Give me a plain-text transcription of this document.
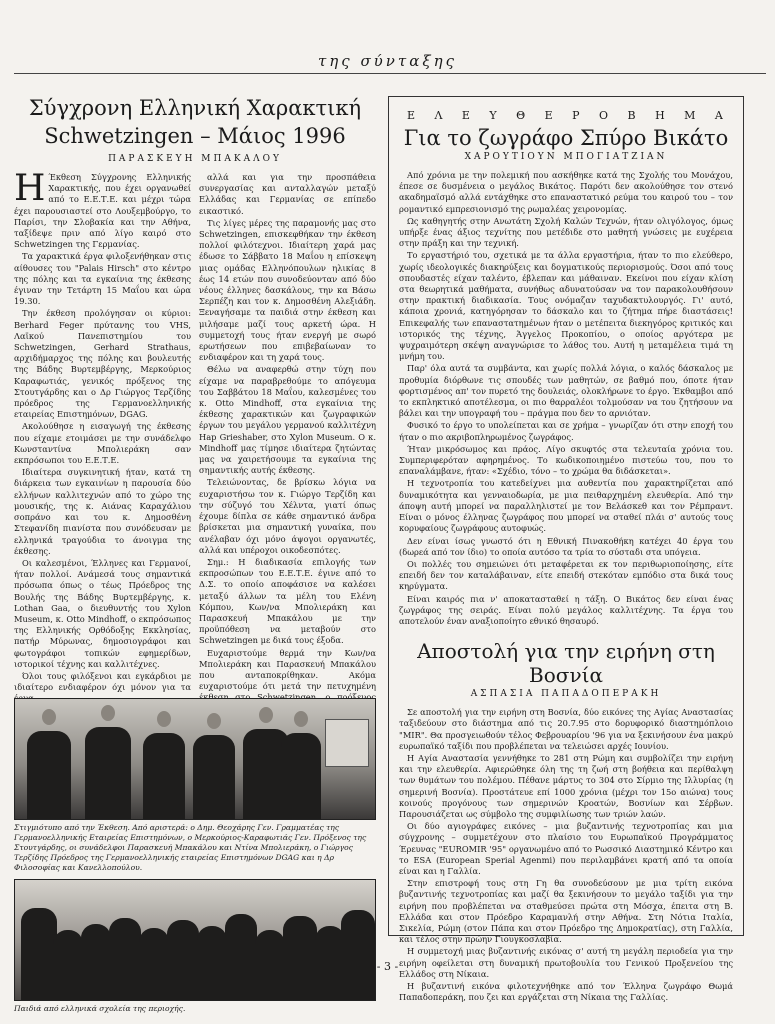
της σύνταξης
Σύγχρονη Ελληνική Χαρακτική
Schwetzingen – Μάιος 1996
ΠΑΡΑΣΚΕΥΗ ΜΠΑΚΑΛΟΥ

Η Έκθεση Σύγχρονης Ελληνικής Χαρακτικής, που έχει οργανωθεί από το Ε.Ε.Τ.Ε. και μέχρι τώρα έχει παρουσιαστεί στο Λουξεμβούργο, το Παρίσι, την Σλοβακία και την Αθήνα, ταξίδεψε πριν από λίγο καιρό στο Schwetzingen της Γερμανίας.

Τα χαρακτικά έργα φιλοξενήθηκαν στις αίθουσες του "Palais Hirsch" στο κέντρο της πόλης και τα εγκαίνια της έκθεσης έγιναν την Τετάρτη 15 Μαΐου και ώρα 19.30.

Την έκθεση προλόγησαν οι κύριοι: Berhard Feger πρύτανης του VHS, Λαϊκού Πανεπιστημίου του Schwetzingen, Gerhard Strathaus, αρχιδήμαρχος της πόλης και βουλευτής της Βάδης Βυρτεμβέργης, Μερκούριος Καραφωτιάς, γενικός πρόξενος της Στουτγάρδης και ο Δρ Γιώργος Τερζίδης πρόεδρος της Γερμανοελληνικής εταιρείας Επιστημόνων, DGAG.

Ακολούθησε η εισαγωγή της έκθεσης που είχαμε ετοιμάσει με την συνάδελφο Κωνσταντίνα Μπολιεράκη σαν εκπρόσωποι του Ε.Ε.Τ.Ε.

Ιδιαίτερα συγκινητική ήταν, κατά τη διάρκεια των εγκαινίων η παρουσία δύο ελλήνων καλλιτεχνών από το χώρο της μουσικής, της κ. Αιάνας Καραχάλιου σοπράνο και του κ. Δημοσθένη Στεφανίδη πιανίστα που συνόδευσαν με ελληνικά τραγούδια το άνοιγμα της έκθεσης.

Οι καλεσμένοι, Έλληνες και Γερμανοί, ήταν πολλοί. Ανάμεσά τους σημαντικά πρόσωπα όπως ο τέως Πρόεδρος της Βουλής της Βάδης Βυρτεμβέργης, κ. Lothan Gaa, ο διευθυντής του Xylon Museum, κ. Otto Mindhoff, ο εκπρόσωπος της Ελληνικής Ορθόδοξης Εκκλησίας, πατήρ Μύρωνας, δημοσιογράφοι και φωτογράφοι τοπικών εφημερίδων, ιστορικοί τέχνης και καλλιτέχνες.

Όλοι τους φιλόξενοι και εγκάρδιοι με ιδιαίτερο ενδιαφέρον όχι μόνον για τα

αλλά και για την προσπάθεια συνεργασίας και ανταλλαγών μεταξύ Ελλάδας και Γερμανίας σε επίπεδο εικαστικό.

Τις λίγες μέρες της παραμονής μας στο Schwetzingen, επισκεφθήκαν την έκθεση πολλοί φιλότεχνοι. Ιδιαίτερη χαρά μας έδωσε το Σάββατο 18 Μαΐου η επίσκεψη μιας ομάδας Ελληνόπουλων ηλικίας 8 έως 14 ετών που συνοδεύονταν από δύο νέους έλληνες δασκάλους, την κα Βάσω Σερπέζη και τον κ. Δημοσθένη Αλεξιάδη. Ξεναγήσαμε τα παιδιά στην έκθεση και μιλήσαμε μαζί τους αρκετή ώρα. Η συμμετοχή τους ήταν ενεργή με σωρό ερωτήσεων που επιβεβαίωναν το ενδιαφέρον και τη χαρά τους.

Θέλω να αναφερθώ στην τύχη που είχαμε να παραβρεθούμε το απόγευμα του Σαββάτου 18 Μαΐου, καλεσμένες του κ. Otto Mindhoff, στα εγκαίνια της έκθεσης χαρακτικών και ζωγραφικών έργων του μεγάλου γερμανού καλλιτέχνη Hap Grieshaber, στο Xylon Museum. Ο κ. Mindhoff μας τίμησε ιδιαίτερα ζητώντας μας να χαιρετήσουμε τα εγκαίνια της σημαντικής αυτής έκθεσης.

Τελειώνοντας, δε βρίσκω λόγια να ευχαριστήσω τον κ. Γιώργο Τερζίδη και την σύζυγό του Χέλντα, γιατί όπως έχουμε δίπλα σε κάθε σημαντικό άνδρα βρίσκεται μια σημαντική γυναίκα, που ανέλαβαν όχι μόνο άψογοι οργανωτές, αλλά και υπέροχοι οικοδεσπότες.

Σημ.: Η διαδικασία επιλογής των εκπροσώπων του Ε.Ε.Τ.Ε. έγινε από το Δ.Σ. το οποίο αποφάσισε να καλέσει μεταξύ άλλων τα μέλη του Ελένη Κόμπου, Κων/να Μπολιεράκη και Παρασκευή Μπακάλου με την προϋπόθεση να μεταβούν στο Schwetzingen με δικά τους έξοδα.

Ευχαριστούμε θερμά την Κων/να Μπολιεράκη και Παρασκευή Μπακάλου που ανταποκρίθηκαν. Ακόμα ευχαριστούμε ότι μετά την πετυχημένη

Στιγμιότυπο από την Έκθεση. Από αριστερά: ο Δημ. Θεοχάρης Γεν. Γραμματέας της Γερμανοελληνικής Εταιρείας Επιστημόνων, ο Μερκούριος-Καραφωτιάς Γεν. Πρόξενος της Στουτγάρδης, οι συνάδελφοι Παρασκευή Μπακάλου και Ντίνα Μπολιεράκη, ο Γιώργος Τερζίδης Πρόεδρος της Γερμανοελληνικής εταιρείας Επιστημόνων DGAG και η Δρ Φιλοσοφίας και Κανελλοπούλου.
Παιδιά από ελληνικά σχολεία της περιοχής.
Ε Λ Ε Υ Θ Ε Ρ Ο Β Η Μ Α
Για το ζωγράφο Σπύρο Βικάτο
ΧΑΡΟΥΤΙΟΥΝ ΜΠΟΓΙΑΤΖΙΑΝ

Από χρόνια με την πολεμική που ασκήθηκε κατά της Σχολής του Μονάχου, έπεσε σε δυσμένεια ο μεγάλος Βικάτος. Παρότι δεν ακολούθησε τον στενό ακαδημαϊσμό αλλά εντάχθηκε στο επαναστατικό ρεύμα του καιρού του – τον ρομαντικό εμπρεσιονισμό της ρωμαλέας χειρονομίας.

Ως καθηγητής στην Ανωτάτη Σχολή Καλών Τεχνών, ήταν ολιγόλογος, όμως υπήρξε ένας άξιος τεχνίτης που μετέδιδε στο μαθητή γνώσεις με ευχέρεια στην πράξη και την τεχνική.

Το εργαστήριό του, σχετικά με τα άλλα εργαστήρια, ήταν το πιο ελεύθερο, χωρίς ιδεολογικές διακηρύξεις και δογματικούς περιορισμούς. Όσοι από τους σπουδαστές είχαν ταλέντο, έβλεπαν και μάθαιναν. Εκείνοι που είχαν κλίση στα θεωρητικά μαθήματα, συνήθως αδυνατούσαν να τον παρακολουθήσουν στην πρακτική διαδικασία. Τους ονόμαζαν ταχυδακτυλουργός. Γι' αυτό, κάποια χρονιά, κατηγόρησαν το δάσκαλο και το ζήτημα πήρε διαστάσεις! Επικεφαλής των επαναστατημένων ήταν ο μετέπειτα διεκηγόρος κριτικός και ιστορικός της τέχνης, Άγγελος Προκοπίου, ο οποίος αργότερα με ψυχραιμότερη σκέψη αναγνώρισε το λάθος του. Αυτή η μεταμέλεια τιμά τη μνήμη του.

Παρ' όλα αυτά τα συμβάντα, και χωρίς πολλά λόγια, ο καλός δάσκαλος με προθυμία διόρθωνε τις σπουδές των μαθητών, σε βαθμό που, όποτε ήταν φορτισμένος απ' τον πυρετό της δουλειάς, ολοκλήρωνε το έργο. Έκθαμβοι από το εκπληκτικό αποτέλεσμα, οι πιο θαρραλέοι τολμούσαν να του ζητήσουν να βάλει και την υπογραφή του – πράγμα που δεν το αρνιόταν.

Φυσικό το έργο το υπολείπεται και σε χρήμα – γνωρίζαν ότι στην εποχή του ήταν ο πιο ακριβοπληρωμένος ζωγράφος.

Ήταν μικρόσωμος και πράος. Λίγο σκυφτός στα τελευταία χρόνια του. Συμπεριφερόταν αφηρημένος. Το κωδικοποιημένο πιστεύω του, που το επαναλάμβανε, ήταν: «Σχέδιο, τόνο – το χρώμα θα διδάσκεται».

Η τεχνοτροπία του κατεδείχνει μια αυθεντία που χαρακτηρίζεται από δυναμικότητα και γενναιοδωρία, με μια πειθαρχημένη ελευθερία. Από την άποψη αυτή μπορεί να παραλληλιστεί με τον Βελάσκεθ και τον Ρέμπραντ. Είναι ο μόνος έλληνας ζωγράφος που μπορεί να σταθεί πλάι σ' αυτούς τους κορυφαίους ζωγράφους αυτοφυώς.

Δεν είναι ίσως γνωστό ότι η Εθνική Πινακοθήκη κατέχει 40 έργα του (δωρεά από τον ίδιο) το οποία αυτόσο τα τρία το σύσταδι στα υπόγεια.

Οι πολλές του σημειώνει ότι μεταφέρεται εκ τον περιθωριοποίησης, είτε επειδή δεν τον καταλάβαιναν, είτε επειδή στεκόταν εμπόδιο στα δικά τους κηρύγματα.

Είναι καιρός πια ν' αποκατασταθεί η τάξη. Ο Βικάτος δεν είναι ένας ζωγράφος της σειράς. Είναι πολύ μεγάλος καλλιτέχνης. Τα έργα του αποτελούν έναν αναξιοποίητο εθνικό θησαυρό.

Αποστολή για την ειρήνη στη Βοσνία
ΑΣΠΑΣΙΑ ΠΑΠΑΔΟΠΕΡΑΚΗ

Σε αποστολή για την ειρήνη στη Βοσνία, δύο εικόνες της Αγίας Αναστασίας ταξιδεύουν στο διάστημα από τις 20.7.95 στο δορυφορικό διαστημόπλοιο "MIR". Θα προσγειωθούν τέλος Φεβρουαρίου '96 για να ξεκινήσουν ένα μακρύ ευρωπαϊκό ταξίδι που προβλέπεται να τελειώσει αρχές Ιουνίου.

Η Αγία Αναστασία γεννήθηκε το 281 στη Ρώμη και συμβολίζει την ειρήνη και την ελευθερία. Αφιερώθηκε όλη της τη ζωή στη βοήθεια και περίθαλψη των θυμάτων του πολέμου. Πέθανε μάρτυς το 304 στο Σίρμιο της Ιλλυρίας (η σημερινή Βοσνία). Προστάτευε επί 1000 χρόνια (μέχρι τον 15ο αιώνα) τους κοινούς προγόνους των σημερινών Κροατών, Βοσνίων και Σέρβων. Παρουσιάζεται ως σύμβολο της συμφιλίωσης των τριών λαών.

Οι δύο αγιογράφες εικόνες – μια βυζαντινής τεχνοτροπίας και μια σύγχρονης – συμμετέχουν στο πλαίσιο του Ευρωπαϊκού Προγράμματος Έρευνας "EUROMIR '95" οργανωμένο από το Ρωσσικό Διαστημικό Κέντρο και το ESA (European Sperial Agenmi) που περιλαμβάνει κρατή από τα οποία είναι και η Γαλλία.

Στην επιστροφή τους στη Γη θα συνοδεύσουν με μια τρίτη εικόνα βυζαντινής τεχνοτροπίας και μαζί θα ξεκινήσουν το μεγάλο ταξίδι για την ειρήνη που προβλέπεται να σταθμεύσει πρώτα στη Μόσχα, έπειτα στη Β. Ελλάδα και στον Πρόεδρο Καραμανλή στην Αθήνα. Στη Νότια Ιταλία, Σικελία, Ρώμη (στον Πάπα και στον Πρόεδρο της Δημοκρατίας), στη Γαλλία, και τέλος στην πρώην Γιουγκοσλαβία.

Η συμμετοχή μιας βυζαντινής εικόνας σ' αυτή τη μεγάλη περιοδεία για την ειρήνη οφείλεται στη δυναμική πρωτοβουλία του Γενικού Προξενείου της Ελλάδος στη Νίκαια.

Η βυζαντινή εικόνα φιλοτεχνήθηκε από τον Έλληνα ζωγράφο Θωμά Παπαδοπεράκη, που ζει και εργάζεται στη Νίκαια της Γαλλίας.

- 3 -
